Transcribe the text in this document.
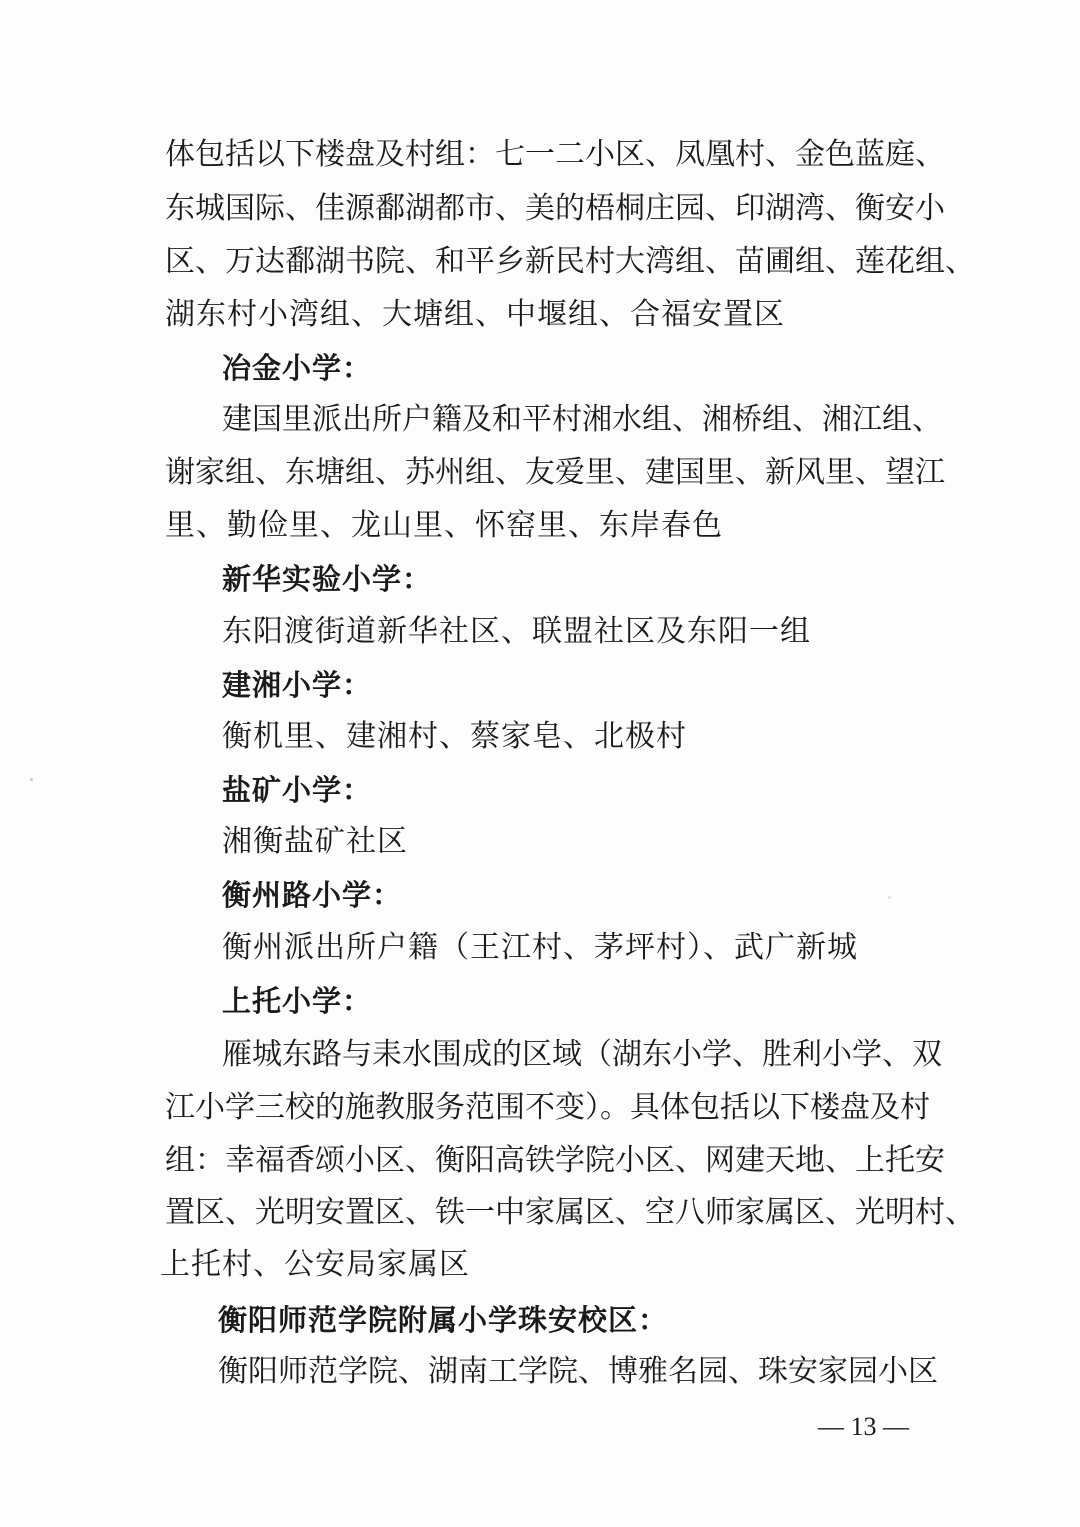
体包括以下楼盘及村组：七一二小区、凤凰村、金色蓝庭、
东城国际、佳源鄱湖都市、美的梧桐庄园、印湖湾、衡安小
区、万达鄱湖书院、和平乡新民村大湾组、苗圃组、莲花组、
湖东村小湾组、大塘组、中堰组、合福安置区
冶金小学：
建国里派出所户籍及和平村湘水组、湘桥组、湘江组、
谢家组、东塘组、苏州组、友爱里、建国里、新风里、望江
里、勤俭里、龙山里、怀窑里、东岸春色
新华实验小学：
东阳渡街道新华社区、联盟社区及东阳一组
建湘小学：
衡机里、建湘村、蔡家皂、北极村
盐矿小学：
湘衡盐矿社区
衡州路小学：
衡州派出所户籍（王江村、茅坪村）、武广新城
上托小学：
雁城东路与耒水围成的区域（湖东小学、胜利小学、双
江小学三校的施教服务范围不变）。具体包括以下楼盘及村
组：幸福香颂小区、衡阳高铁学院小区、网建天地、上托安
置区、光明安置区、铁一中家属区、空八师家属区、光明村、
上托村、公安局家属区
衡阳师范学院附属小学珠安校区：
衡阳师范学院、湖南工学院、博雅名园、珠安家园小区
— 13 —
